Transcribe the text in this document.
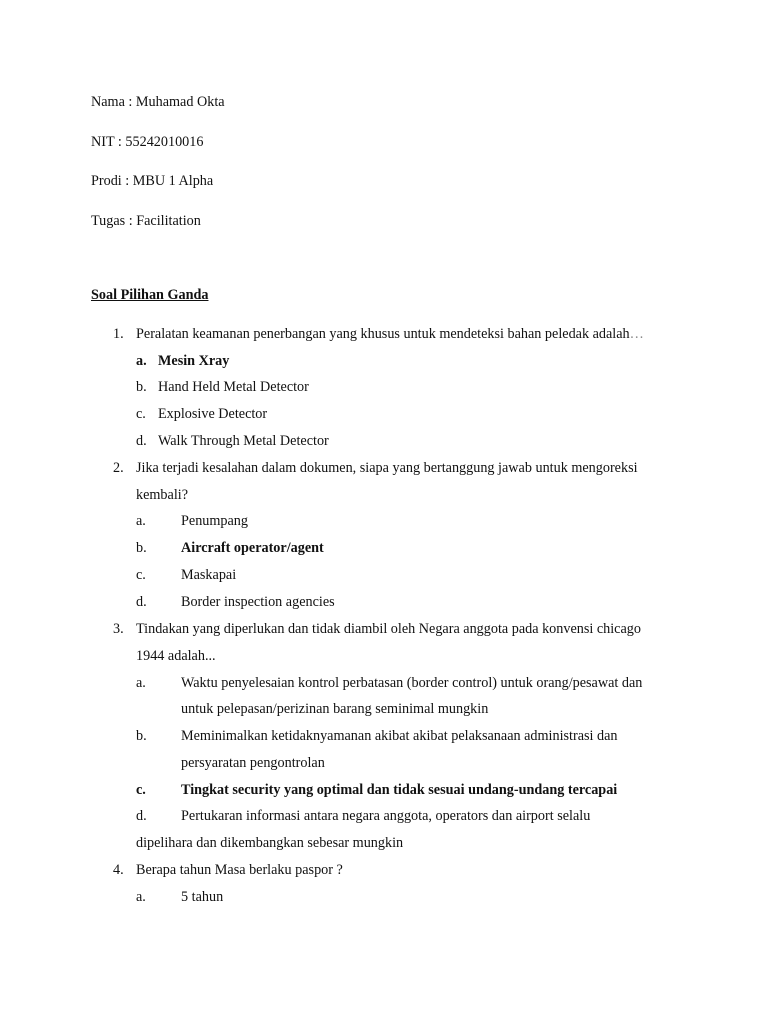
Nama : Muhamad Okta
NIT : 55242010016
Prodi : MBU 1 Alpha
Tugas : Facilitation
Soal Pilihan Ganda
1. Peralatan keamanan penerbangan yang khusus untuk mendeteksi bahan peledak adalah…
a. Mesin Xray
b. Hand Held Metal Detector
c. Explosive Detector
d. Walk Through Metal Detector
2. Jika terjadi kesalahan dalam dokumen, siapa yang bertanggung jawab untuk mengoreksi
kembali?
a. Penumpang
b. Aircraft operator/agent
c. Maskapai
d. Border inspection agencies
3. Tindakan yang diperlukan dan tidak diambil oleh Negara anggota pada konvensi chicago
1944 adalah...
a. Waktu penyelesaian kontrol perbatasan (border control) untuk orang/pesawat dan
untuk pelepasan/perizinan barang seminimal mungkin
b. Meminimalkan ketidaknyamanan akibat akibat pelaksanaan administrasi dan
persyaratan pengontrolan
c. Tingkat security yang optimal dan tidak sesuai undang-undang tercapai
d. Pertukaran informasi antara negara anggota, operators dan airport selalu
dipelihara dan dikembangkan sebesar mungkin
4. Berapa tahun Masa berlaku paspor ?
a. 5 tahun
